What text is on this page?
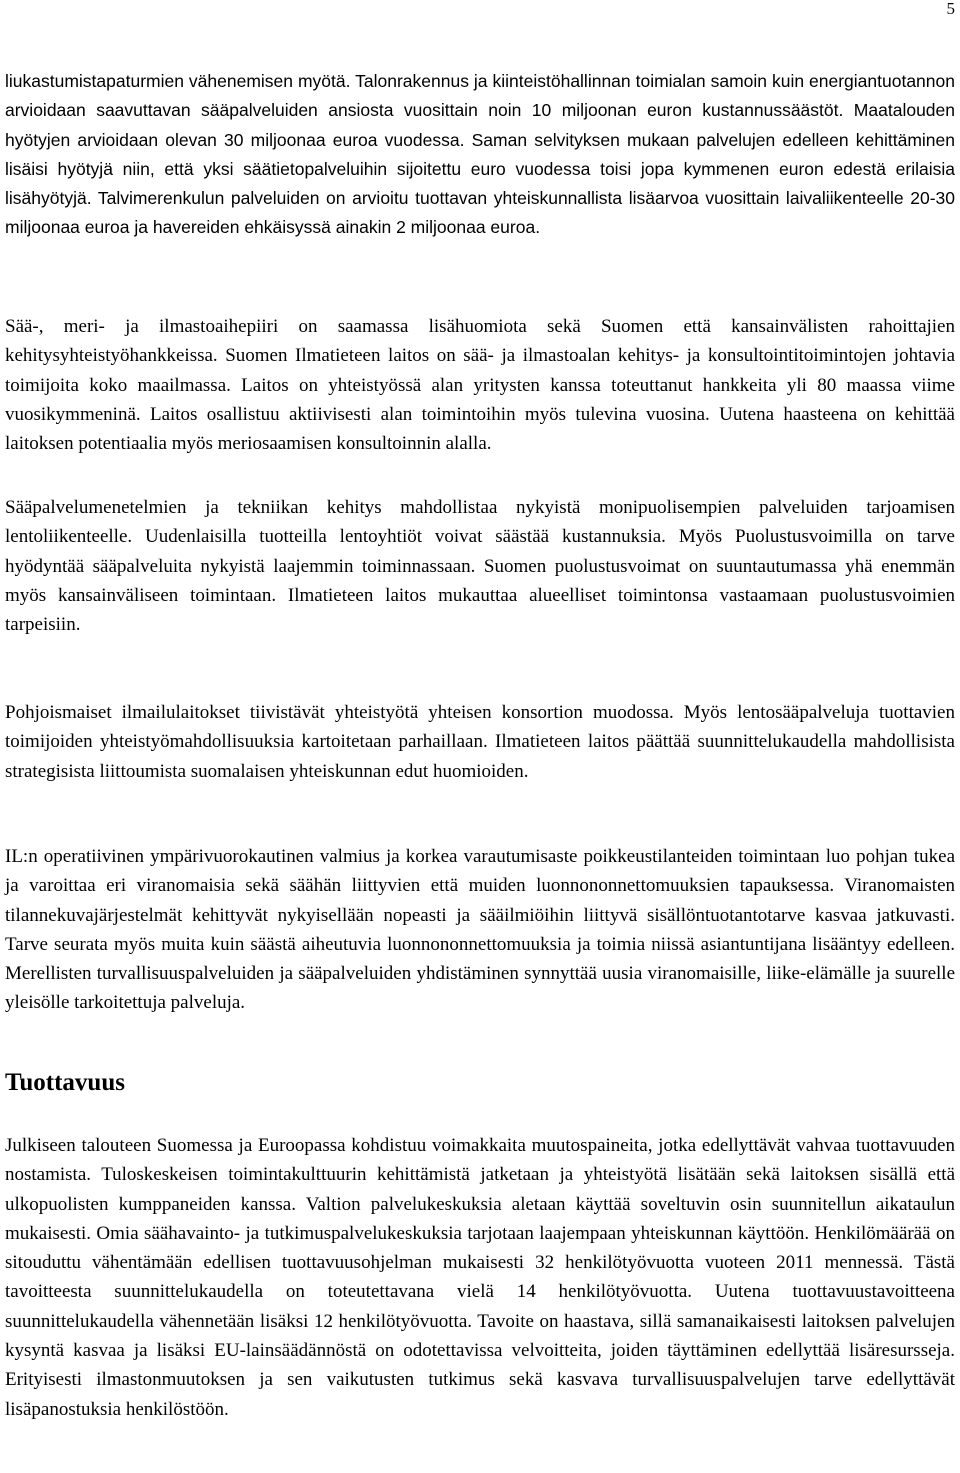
5

liukastumistapaturmien vähenemisen myötä. Talonrakennus ja kiinteistöhallinnan toimialan samoin kuin energiantuotannon arvioidaan saavuttavan sääpalveluiden ansiosta vuosittain noin 10 miljoonan euron kustannussäästöt. Maatalouden hyötyjen arvioidaan olevan 30 miljoonaa euroa vuodessa. Saman selvityksen mukaan palvelujen edelleen kehittäminen lisäisi hyötyjä niin, että yksi säätietopalveluihin sijoitettu euro vuodessa toisi jopa kymmenen euron edestä erilaisia lisähyötyjä. Talvimerenkulun palveluiden on arvioitu tuottavan yhteiskunnallista lisäarvoa vuosittain laivaliikenteelle 20-30 miljoonaa euroa ja havereiden ehkäisyssä ainakin 2 miljoonaa euroa.

Sää-, meri- ja ilmastoaihepiiri on saamassa lisähuomiota sekä Suomen että kansainvälisten rahoittajien kehitysyhteistyöhankkeissa. Suomen Ilmatieteen laitos on sää- ja ilmastoalan kehitys- ja konsultointitoimintojen johtavia toimijoita koko maailmassa. Laitos on yhteistyössä alan yritysten kanssa toteuttanut hankkeita yli 80 maassa viime vuosikymmeninä. Laitos osallistuu aktiivisesti alan toimintoihin myös tulevina vuosina. Uutena haasteena on kehittää laitoksen potentiaalia myös meriosaamisen konsultoinnin alalla.

Sääpalvelumenetelmien ja tekniikan kehitys mahdollistaa nykyistä monipuolisempien palveluiden tarjoamisen lentoliikenteelle. Uudenlaisilla tuotteilla lentoyhtiöt voivat säästää kustannuksia. Myös Puolustusvoimilla on tarve hyödyntää sääpalveluita nykyistä laajemmin toiminnassaan. Suomen puolustusvoimat on suuntautumassa yhä enemmän myös kansainväliseen toimintaan. Ilmatieteen laitos mukauttaa alueelliset toimintonsa vastaamaan puolustusvoimien tarpeisiin.

Pohjoismaiset ilmailulaitokset tiivistävät yhteistyötä yhteisen konsortion muodossa. Myös lentosääpalveluja tuottavien toimijoiden yhteistyömahdollisuuksia kartoitetaan parhaillaan. Ilmatieteen laitos päättää suunnittelukaudella mahdollisista strategisista liittoumista suomalaisen yhteiskunnan edut huomioiden.

IL:n operatiivinen ympärivuorokautinen valmius ja korkea varautumisaste poikkeustilanteiden toimintaan luo pohjan tukea ja varoittaa eri viranomaisia sekä säähän liittyvien että muiden luonnononnettomuuksien tapauksessa. Viranomaisten tilannekuvajärjestelmät kehittyvät nykyisellään nopeasti ja sääilmiöihin liittyvä sisällöntuotantotarve kasvaa jatkuvasti. Tarve seurata myös muita kuin säästä aiheutuvia luonnononnettomuuksia ja toimia niissä asiantuntijana lisääntyy edelleen. Merellisten turvallisuuspalveluiden ja sääpalveluiden yhdistäminen synnyttää uusia viranomaisille, liike-elämälle ja suurelle yleisölle tarkoitettuja palveluja.

Tuottavuus

Julkiseen talouteen Suomessa ja Euroopassa kohdistuu voimakkaita muutospaineita, jotka edellyttävät vahvaa tuottavuuden nostamista. Tuloskeskeisen toimintakulttuurin kehittämistä jatketaan ja yhteistyötä lisätään sekä laitoksen sisällä että ulkopuolisten kumppaneiden kanssa. Valtion palvelukeskuksia aletaan käyttää soveltuvin osin suunnitellun aikataulun mukaisesti. Omia säähavainto- ja tutkimuspalvelukeskuksia tarjotaan laajempaan yhteiskunnan käyttöön. Henkilömäärää on sitouduttu vähentämään edellisen tuottavuusohjelman mukaisesti 32 henkilötyövuotta vuoteen 2011 mennessä. Tästä tavoitteesta suunnittelukaudella on toteutettavana vielä 14 henkilötyövuotta. Uutena tuottavuustavoitteena suunnittelukaudella vähennetään lisäksi 12 henkilötyövuotta. Tavoite on haastava, sillä samanaikaisesti laitoksen palvelujen kysyntä kasvaa ja lisäksi EU-lainsäädännöstä on odotettavissa velvoitteita, joiden täyttäminen edellyttää lisäresursseja. Erityisesti ilmastonmuutoksen ja sen vaikutusten tutkimus sekä kasvava turvallisuuspalvelujen tarve edellyttävät lisäpanostuksia henkilöstöön.
